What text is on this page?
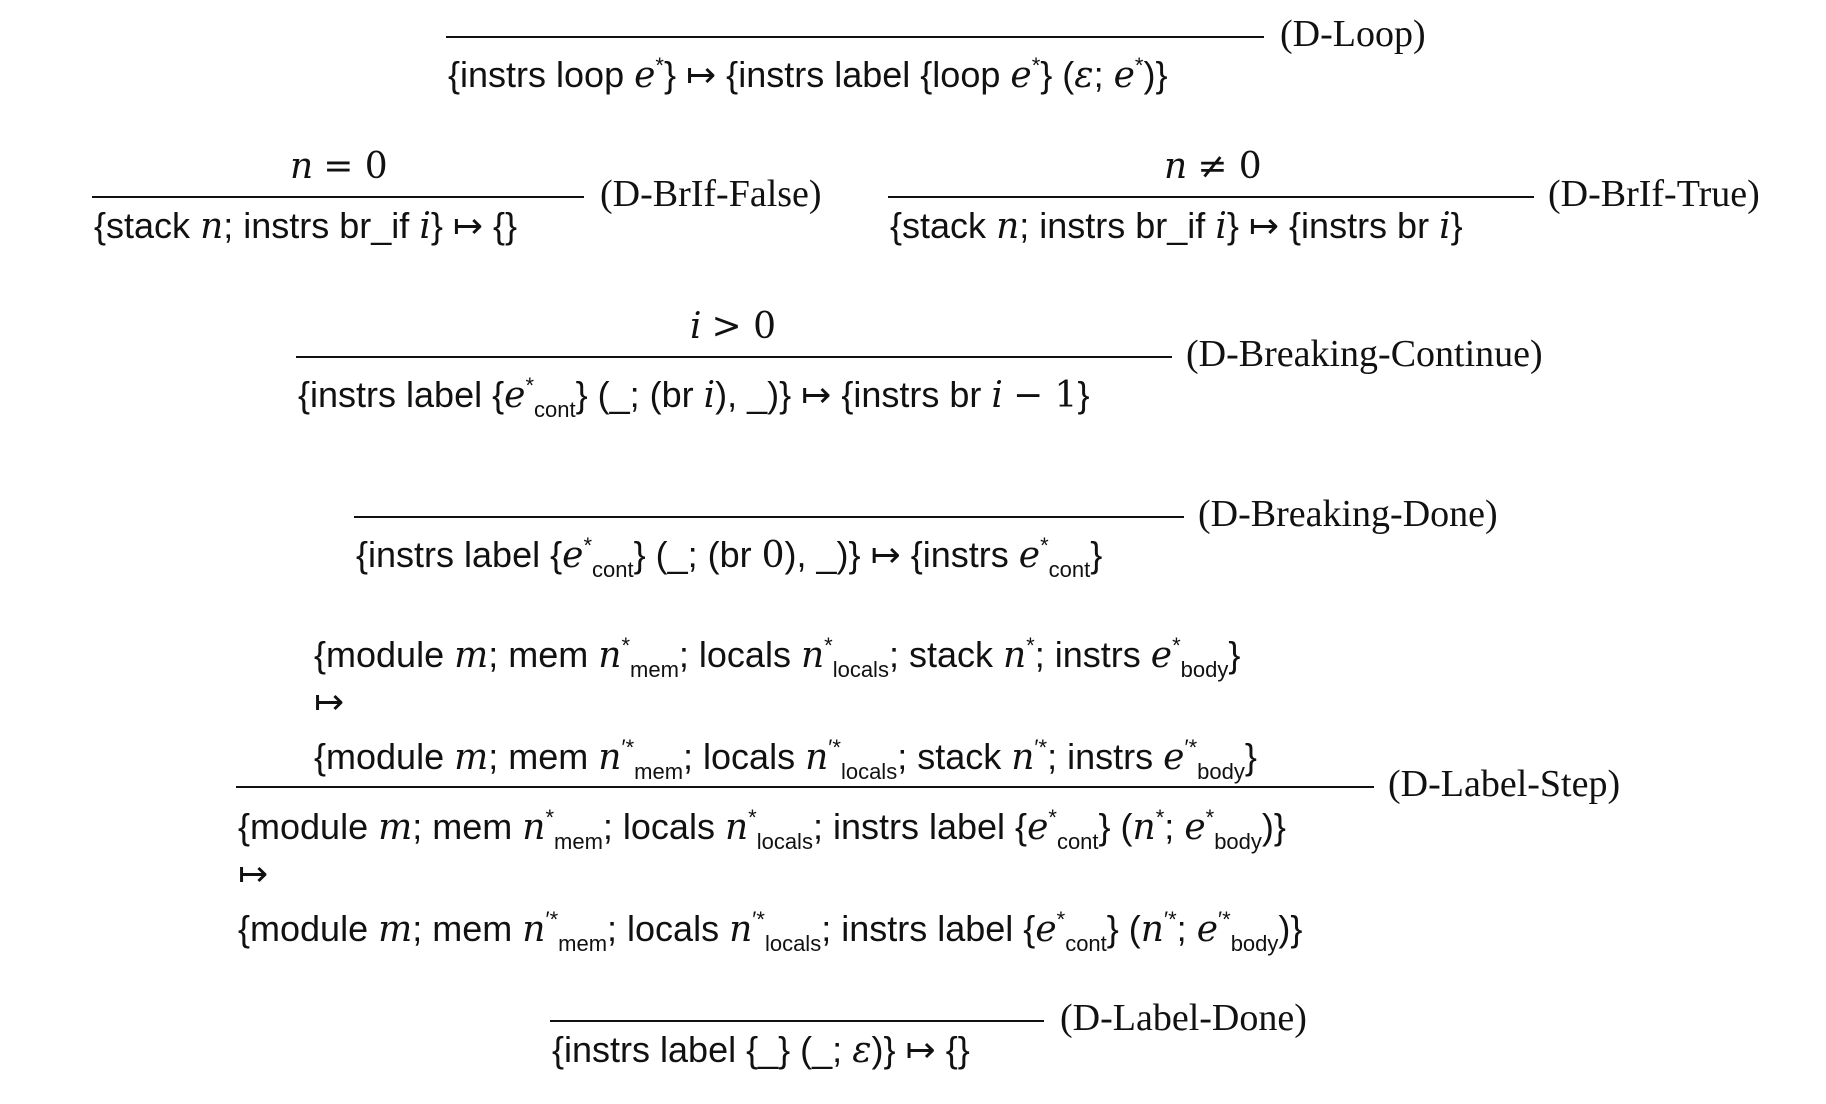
{instrs loop e*} ↦ {instrs label {loop e*} (ε; e*)}
(D-Loop)
n = 0
{stack n; instrs br_if i} ↦ {}
(D-BrIf-False)
n ≠ 0
{stack n; instrs br_if i} ↦ {instrs br i}
(D-BrIf-True)
i > 0
{instrs label $\{e^*_{cont}\}$ (_; (br i), _)} ↦ {instrs br i − 1}
(D-Breaking-Continue)
{instrs label $\{e^*_{cont}\}$ (_; (br 0), _)} ↦ {instrs $e^*_{cont}$}
(D-Breaking-Done)
{module m; mem $n^*_{mem}$; locals $n^*_{locals}$; stack n*; instrs $e^*_{body}$}
↦
{module m; mem $n^{'*}_{mem}$; locals $n^{'*}_{locals}$; stack n′*; instrs $e^{'*}_{body}$}
{module m; mem $n^*_{mem}$; locals $n^*_{locals}$; instrs label $\{e^*_{cont}\}$ (n*; $e^*_{body}$)}
↦
{module m; mem $n^{'*}_{mem}$; locals $n^{'*}_{locals}$; instrs label $\{e^*_{cont}\}$ (n′*; $e^{'*}_{body}$)}
(D-Label-Step)
{instrs label {_} (_; ε)} ↦ {}
(D-Label-Done)
